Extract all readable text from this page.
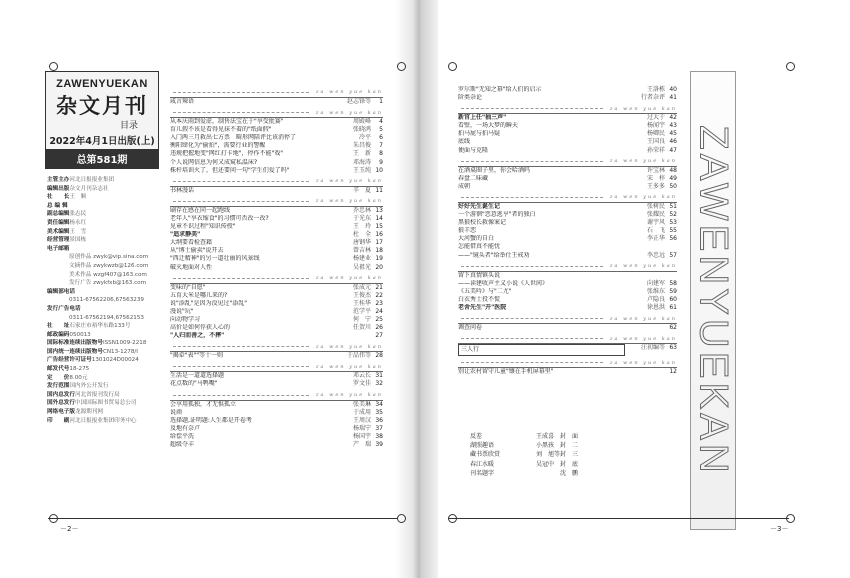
ZAWENYUEKAN
杂文月刊
目录
2022年4月1日出版(上)
总第581期
主管主办 河北日报报业集团
编辑出版 杂文月刊杂志社
社　　长 王　顺
总 编 辑
副总编辑 张志民
责任编辑 杨永红
美术编辑 王　雪
经营管理 景国栋
电子邮箱
原创作品 zwyk@vip.sina.com
文摘作品 zwykwzb@126.com
美术作品 wzgf407@163.com
发行广告 zwykfxb@163.com
编辑部电话
0311-67562206,67563239
发行广告电话
0311-67562194,67562153
社　　址 石家庄市裕华东路133号
邮政编码 050013
国际标准连续出版物号 ISSN1009-2218
国内统一连续出版物号 CN13-1278/I
广告经营许可证号 1301024D00024
邮发代号 18-275
定　　价 8.00元
发行范围 国内外公开发行
国内总发行 河北省报刊发行局
国外总发行 中国国际图书贸易总公司
网络电子版 龙源期刊网
印　　刷 河北日报报业集团印务中心
za wen yue kan
咸言辣语	赵志锋等	1
za wen yue kan
从本庆雨到爱虚，制售法宝在于"享受批赛"	周殿峰	4
育儿假不该是看得见抹不着的"纸面假"	张晓鸿	5
入门两三月救出七方票　畸形网陪评比该消停了	冷平	6
衡阳肆化为"偷拍"，需要行业的警醒	朱昌俊	7
违规把握地变"网红打卡地"，停作不能"戏"	王　新	8
个人说网信息为何又成窥私温床?	邓海涛	9
株杆培训火了，但还要问一句"学生们爱了吗"	王玉纯 10
za wen yue kan
书林漫话	辛　夏 11
za wen yue kan
刷存在感在同一起跑线	乔忠林 13
老年人"享衣缩食"的习惯可否改一改?	于光东 14
见章不识过程"知识传授"	王　玲 15
"追求静美"	杜　全 16
大纲要看检查籍	唐钢华 17
从"博士偷卖"说开去	曾吉林 18
"西迁精神"的另一道壮丽的风景线	杨建业 19
破灭地面对人性	吴祖光 20
za wen yue kan
变味的"自愿"	张成元 21
五育大米是哪儿来的?	王俊杰 22
说"添乱"是因为没见过"添乱"	王桂华 23
漫说"玩"	范学平 24
向动物学习	何　宁 25
高价是如何俘获人心的	任贺川 26
"人归而善之，不摔"	27
za wen yue kan
"揭牵"表""等十一则	于品伟等 28
za wen yue kan
生活是一道道选择题	邓云长 31
花点数的"马鸭嘴"	罗文佳 32
za wen yue kan
会享用孤独，才无惧孤立	张美琳 34
说顽	于成用 35
选择题,证明题:人生都是开卷考	王周汉 36
及地有奈卢	杨瑞宁 37
给偿平洗	杨国宇 38
超级夺丰	产　瑞 39
罗尔斯"无知之幕"给人们的启示	王洛栋 40
阶类杂论	行者杂评 41
za wen yue kan
新官上任"抽三声"	过大于 42
看壁，一场大梦的瞬天	杨闻宇 43
拍马屁与拍马疑	杨卿民 45
底线	王国良 46
便面与克隆	孙荣祥 47
za wen yue kan
在酒桌圈子里，你会哈酒吗	许宝林 48
春盘二味藏	宋　梓 49
成朝	王多多 50
za wen yue kan
好好先生诞生记	张树民 51
一个游徊"恋意逃亨"者的独白	张耀民 52
黑狼校长救像案记	谢宇风 53
狼羊恋	石　飞 55
大河蟹的自白	李正华 56
怎能借真不能忧
——"镜头者"给举仕王戒劝	李忠远 57
za wen yue kan
留下真情镇头说
——读建收声主义小说《人世间》	向建军 58
《五美吟》与"二尤"	张维东 59
白衣秀士投不慌	卢隐良 60
老舍先生"开"医院	徐恩洪 61
za wen yue kan
调查问卷	62
za wen yue kan
三人行	汪初编等 63
za wen yue kan
别让农村留守儿童"镶在手机屏幕里"	12
反差	王成喜 封　面
湖照趣语	小黑孩 封　二
藏书票欣赏	刘　旭等 封　三
春江水暖	吴冠中 封　底
刊名题字	沈　鹏	ZAWENYUEKAN
－2－	－3－
